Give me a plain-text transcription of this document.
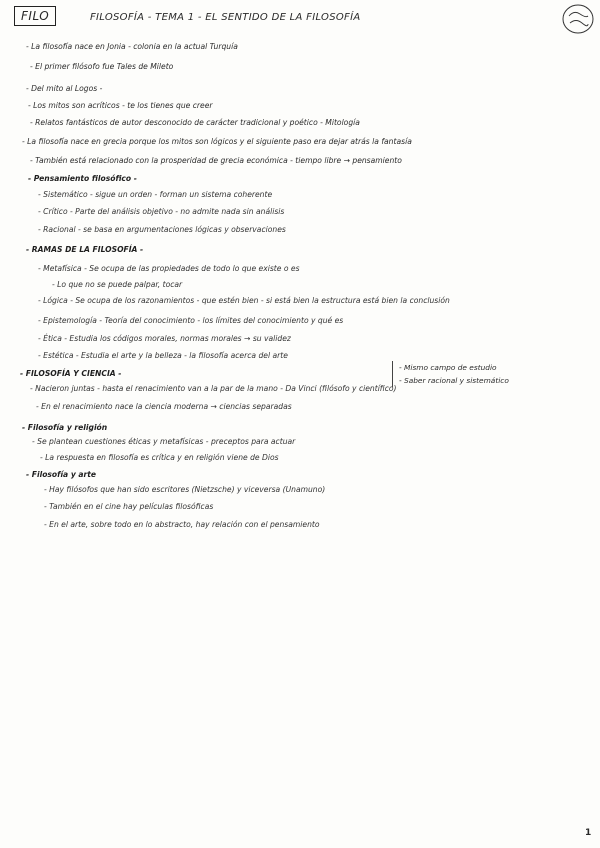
FILO	FILOSOFÍA - TEMA 1 - EL SENTIDO DE LA FILOSOFÍA
- La filosofía nace en Jonia - colonia en la actual Turquía
- El primer filósofo fue Tales de Mileto
- Del mito al Logos -
- Los mitos son acríticos - te los tienes que creer
- Relatos fantásticos de autor desconocido de carácter tradicional y poético - Mitología
- La filosofía nace en grecia porque los mitos son lógicos y el siguiente paso era dejar atrás la fantasía
- También está relacionado con la prosperidad de grecia económica - tiempo libre → pensamiento
- Pensamiento filosófico -
- Sistemático - sigue un orden - forman un sistema coherente
- Crítico - Parte del análisis objetivo - no admite nada sin análisis
- Racional - se basa en argumentaciones lógicas y observaciones
- RAMAS DE LA FILOSOFÍA -
- Metafísica - Se ocupa de las propiedades de todo lo que existe o es
- Lo que no se puede palpar, tocar
- Lógica - Se ocupa de los razonamientos - que estén bien - si está bien la estructura está bien la conclusión
- Epistemología - Teoría del conocimiento - los límites del conocimiento y qué es
- Ética - Estudia los códigos morales, normas morales → su validez
- Estética - Estudia el arte y la belleza - la filosofía acerca del arte
- FILOSOFÍA Y CIENCIA -
- Nacieron juntas - hasta el renacimiento van a la par de la mano - Da Vinci (filósofo y científico)
- En el renacimiento nace la ciencia moderna → ciencias separadas
- Mismo campo de estudio
- Saber racional y sistemático
- Filosofía y religión
- Se plantean cuestiones éticas y metafísicas - preceptos para actuar
- La respuesta en filosofía es crítica y en religión viene de Dios
- Filosofía y arte
- Hay filósofos que han sido escritores (Nietzsche) y viceversa (Unamuno)
- También en el cine hay películas filosóficas
- En el arte, sobre todo en lo abstracto, hay relación con el pensamiento
1
